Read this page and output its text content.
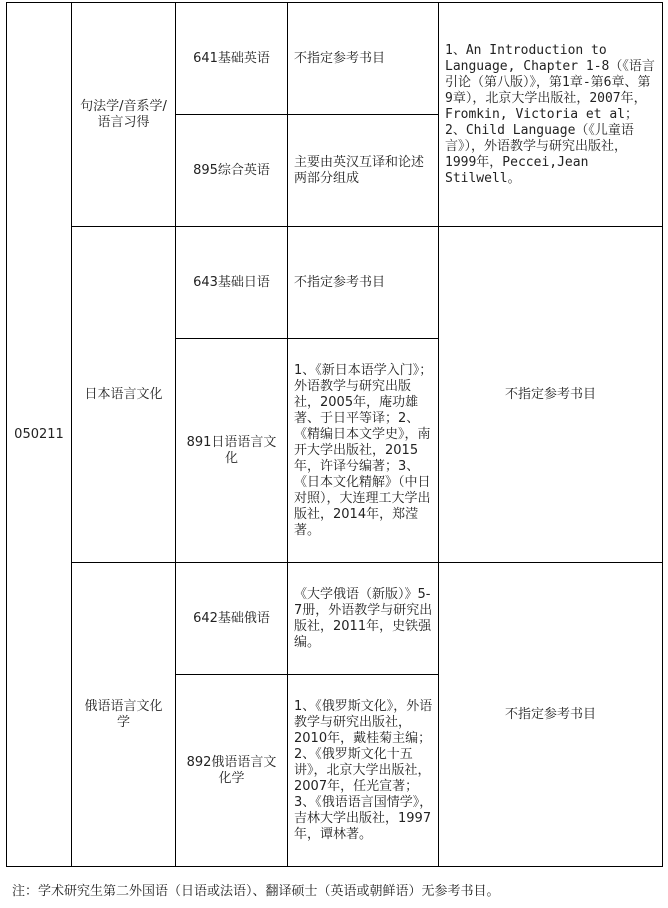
050211	句法学/音系学/语言习得	641基础英语	不指定参考书目	1、An Introduction to Language, Chapter 1-8（《语言引论（第八版）》，第1章-第6章、第9章），北京大学出版社，2007年，Fromkin, Victoria et al；2、Child Language（《儿童语言》），外语教学与研究出版社，1999年，Peccei,Jean Stilwell。
		895综合英语	主要由英汉互译和论述两部分组成	
	日本语言文化	643基础日语	不指定参考书目	不指定参考书目
		891日语语言文化	1、《新日本语学入门》；外语教学与研究出版社，2005年，庵功雄著、于日平等译；2、《精编日本文学史》，南开大学出版社，2015年，许译兮编著；3、《日本文化精解》（中日对照），大连理工大学出版社，2014年，郑滢著。	
	俄语语言文化学	642基础俄语	《大学俄语（新版）》5-7册，外语教学与研究出版社，2011年，史铁强编。	不指定参考书目
		892俄语语言文化学	1、《俄罗斯文化》，外语教学与研究出版社，2010年，戴桂菊主编；2、《俄罗斯文化十五讲》，北京大学出版社，2007年，任光宣著；3、《俄语语言国情学》，吉林大学出版社，1997年，谭林著。	
注：学术研究生第二外国语（日语或法语）、翻译硕士（英语或朝鲜语）无参考书目。
